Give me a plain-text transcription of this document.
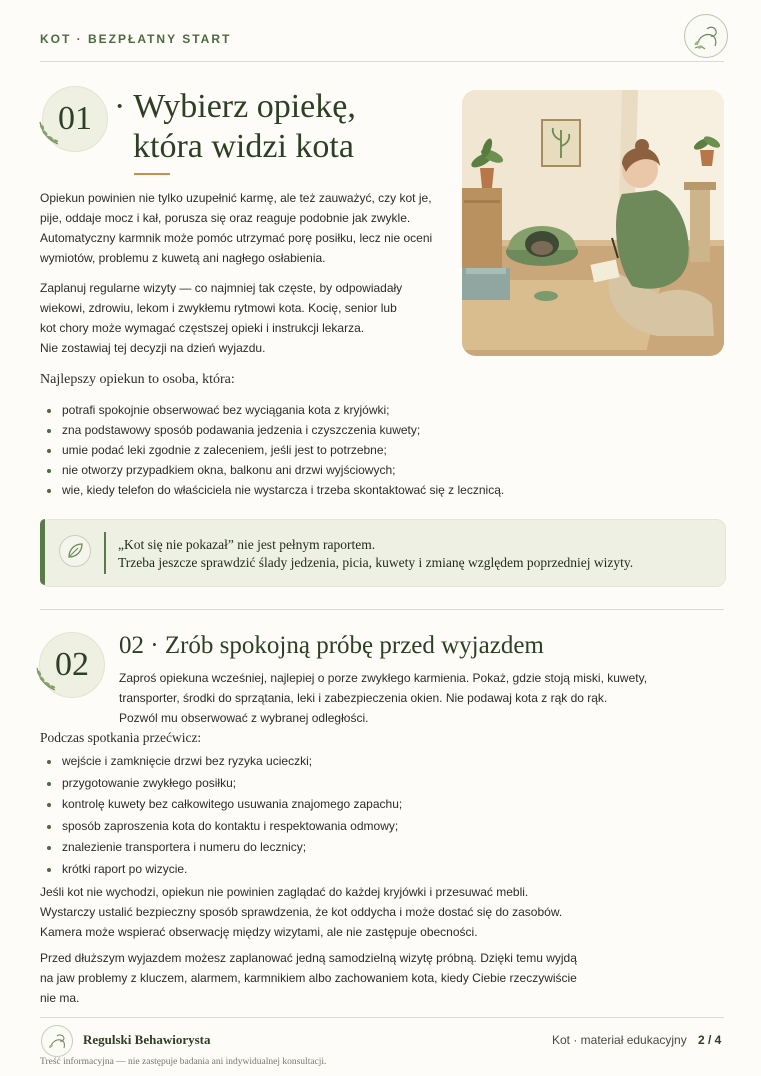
KOT · BEZPŁATNY START
01 · Wybierz opiekę,
która widzi kota

Opiekun powinien nie tylko uzupełnić karmę, ale też zauważyć, czy kot je,

pije, oddaje mocz i kał, porusza się oraz reaguje podobnie jak zwykle.

Automatyczny karmnik może pomóc utrzymać porę posiłku, lecz nie oceni

wymiotów, problemu z kuwetą ani nagłego osłabienia.

Zaplanuj regularne wizyty — co najmniej tak częste, by odpowiadały

wiekowi, zdrowiu, lekom i zwykłemu rytmowi kota. Kocię, senior lub

kot chory może wymagać częstszej opieki i instrukcji lekarza.

Nie zostawiaj tej decyzji na dzień wyjazdu.

Najlepszy opiekun to osoba, która:
potrafi spokojnie obserwować bez wyciągania kota z kryjówki;
zna podstawowy sposób podawania jedzenia i czyszczenia kuwety;
umie podać leki zgodnie z zaleceniem, jeśli jest to potrzebne;
nie otworzy przypadkiem okna, balkonu ani drzwi wyjściowych;
wie, kiedy telefon do właściciela nie wystarcza i trzeba skontaktować się z lecznicą.
„Kot się nie pokazał” nie jest pełnym raportem.
Trzeba jeszcze sprawdzić ślady jedzenia, picia, kuwety i zmianę względem poprzedniej wizyty.
02
02 · Zrób spokojną próbę przed wyjazdem

Zaproś opiekuna wcześniej, najlepiej o porze zwykłego karmienia. Pokaż, gdzie stoją miski, kuwety,

transporter, środki do sprzątania, leki i zabezpieczenia okien. Nie podawaj kota z rąk do rąk.

Pozwól mu obserwować z wybranej odległości.

Podczas spotkania przećwicz:
wejście i zamknięcie drzwi bez ryzyka ucieczki;
przygotowanie zwykłego posiłku;
kontrolę kuwety bez całkowitego usuwania znajomego zapachu;
sposób zaproszenia kota do kontaktu i respektowania odmowy;
znalezienie transportera i numeru do lecznicy;
krótki raport po wizycie.

Jeśli kot nie wychodzi, opiekun nie powinien zaglądać do każdej kryjówki i przesuwać mebli.

Wystarczy ustalić bezpieczny sposób sprawdzenia, że kot oddycha i może dostać się do zasobów.

Kamera może wspierać obserwację między wizytami, ale nie zastępuje obecności.

Przed dłuższym wyjazdem możesz zaplanować jedną samodzielną wizytę próbną. Dzięki temu wyjdą

na jaw problemy z kluczem, alarmem, karmnikiem albo zachowaniem kota, kiedy Ciebie rzeczywiście

nie ma.

Regulski Behawiorysta	Kot · materiał edukacyjny 2 / 4
Treść informacyjna — nie zastępuje badania ani indywidualnej konsultacji.
